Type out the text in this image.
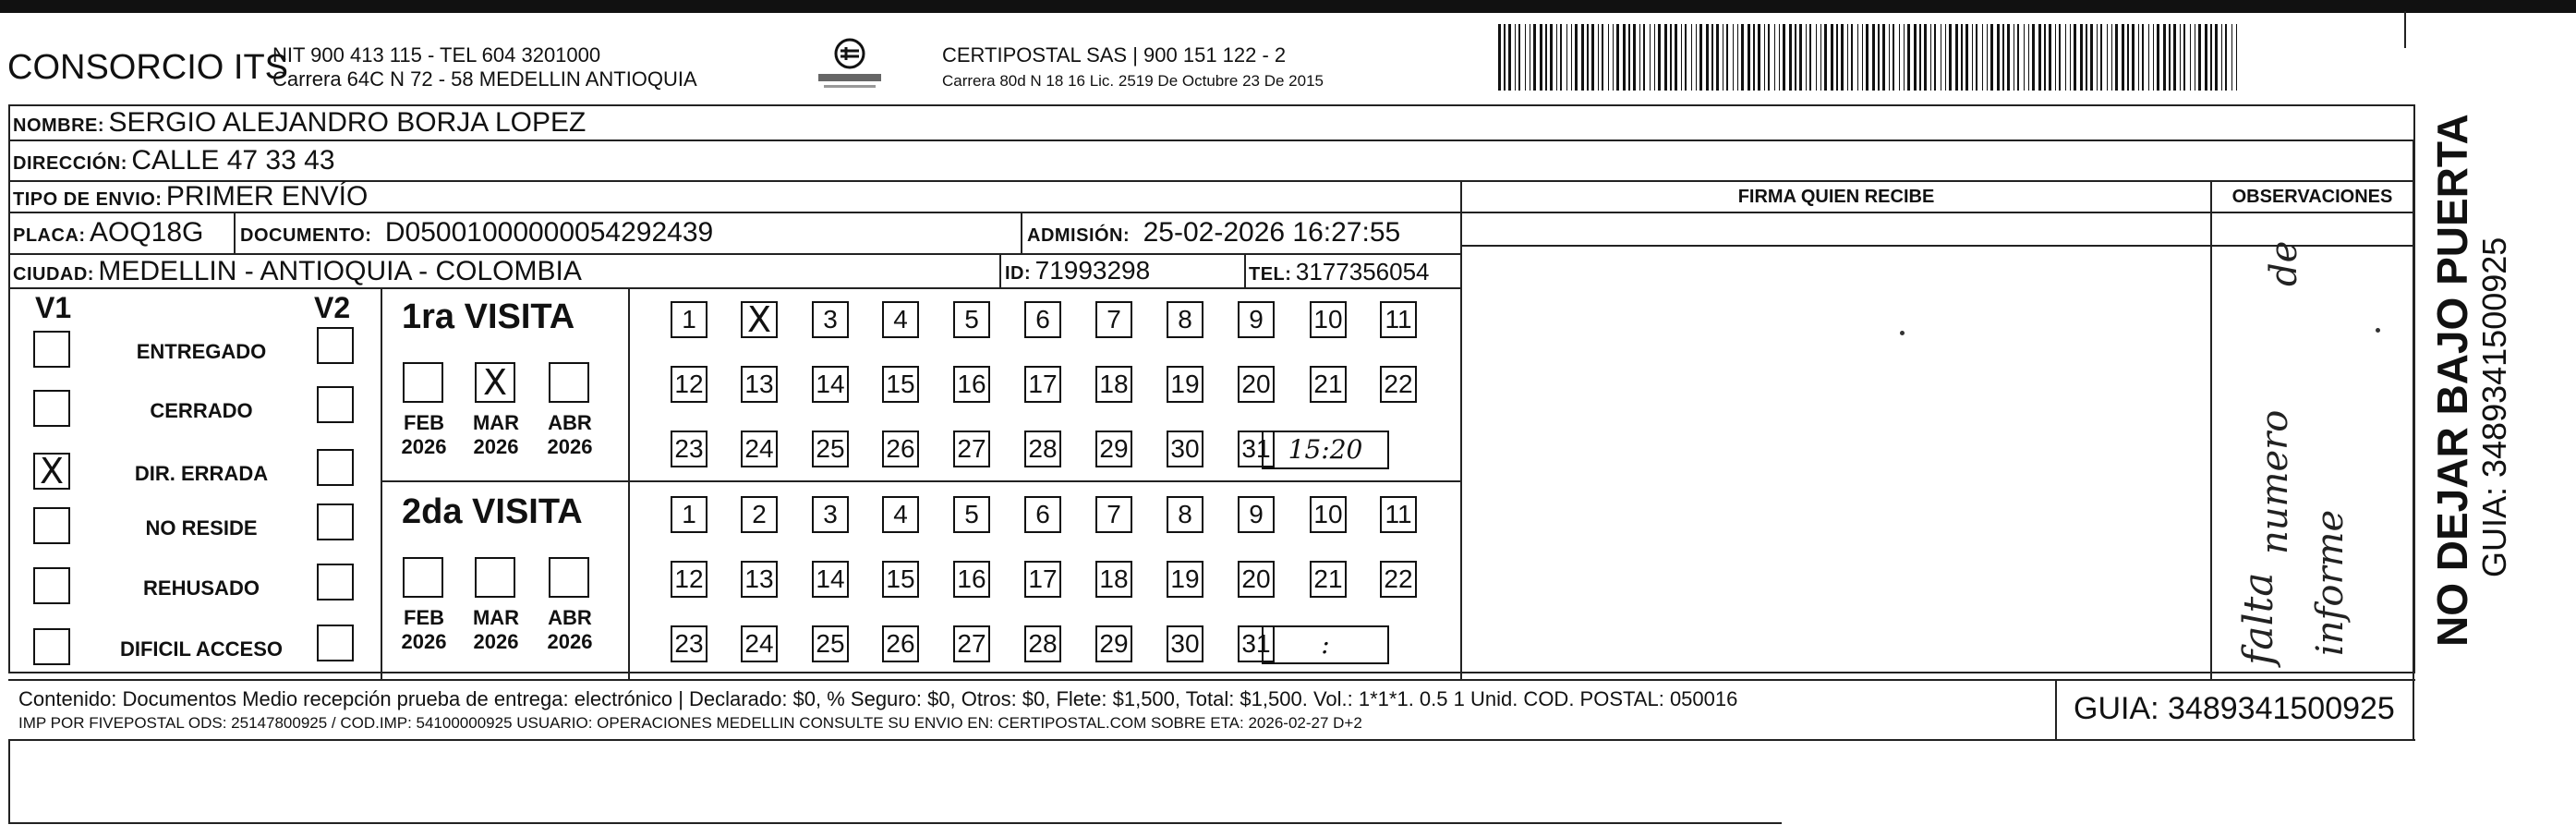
CONSORCIO ITS
NIT 900 413 115 - TEL 604 3201000
Carrera 64C N 72 - 58 MEDELLIN ANTIOQUIA
CERTIPOSTAL SAS | 900 151 122 - 2
Carrera 80d N 18 16 Lic. 2519 De Octubre 23 De 2015
NOMBRE: SERGIO ALEJANDRO BORJA LOPEZ
DIRECCIÓN: CALLE 47 33 43
TIPO DE ENVIO: PRIMER ENVÍO	FIRMA QUIEN RECIBE	OBSERVACIONES
PLACA: AOQ18G DOCUMENTO: D05001000000054292439	ADMISIÓN: 25-02-2026 16:27:55
CIUDAD: MEDELLIN - ANTIOQUIA - COLOMBIA	ID: 71993298	TEL: 3177356054
V1	V2
ENTREGADO
CERRADO
X	DIR. ERRADA
NO RESIDE
REHUSADO
DIFICIL ACCESO
1ra VISITA
2da VISITA
FEB
2026
X
MAR
2026
ABR
2026
1	X	3	4	5	6	7	8	9	10 11
12 13 14 15 16 17 18 19 20 21 22
23 24 25 26 27 28 29 30 31 15:20
FEB
2026
MAR
2026
ABR
2026
1	2	3	4	5	6	7	8	9	10 11
12 13 14 15 16 17 18 19 20 21 22
23 24 25 26 27 28 29 30 31	:	falta informe
numero
de
Contenido: Documentos Medio recepción prueba de entrega: electrónico | Declarado: $0, % Seguro: $0, Otros: $0, Flete: $1,500, Total: $1,500. Vol.: 1*1*1. 0.5 1 Unid. COD. POSTAL: 050016
IMP POR FIVEPOSTAL ODS: 25147800925 / COD.IMP: 54100000925 USUARIO: OPERACIONES MEDELLIN CONSULTE SU ENVIO EN: CERTIPOSTAL.COM SOBRE ETA: 2026-02-27 D+2	GUIA: 3489341500925
NO DEJAR BAJO PUERTA GUIA: 3489341500925
